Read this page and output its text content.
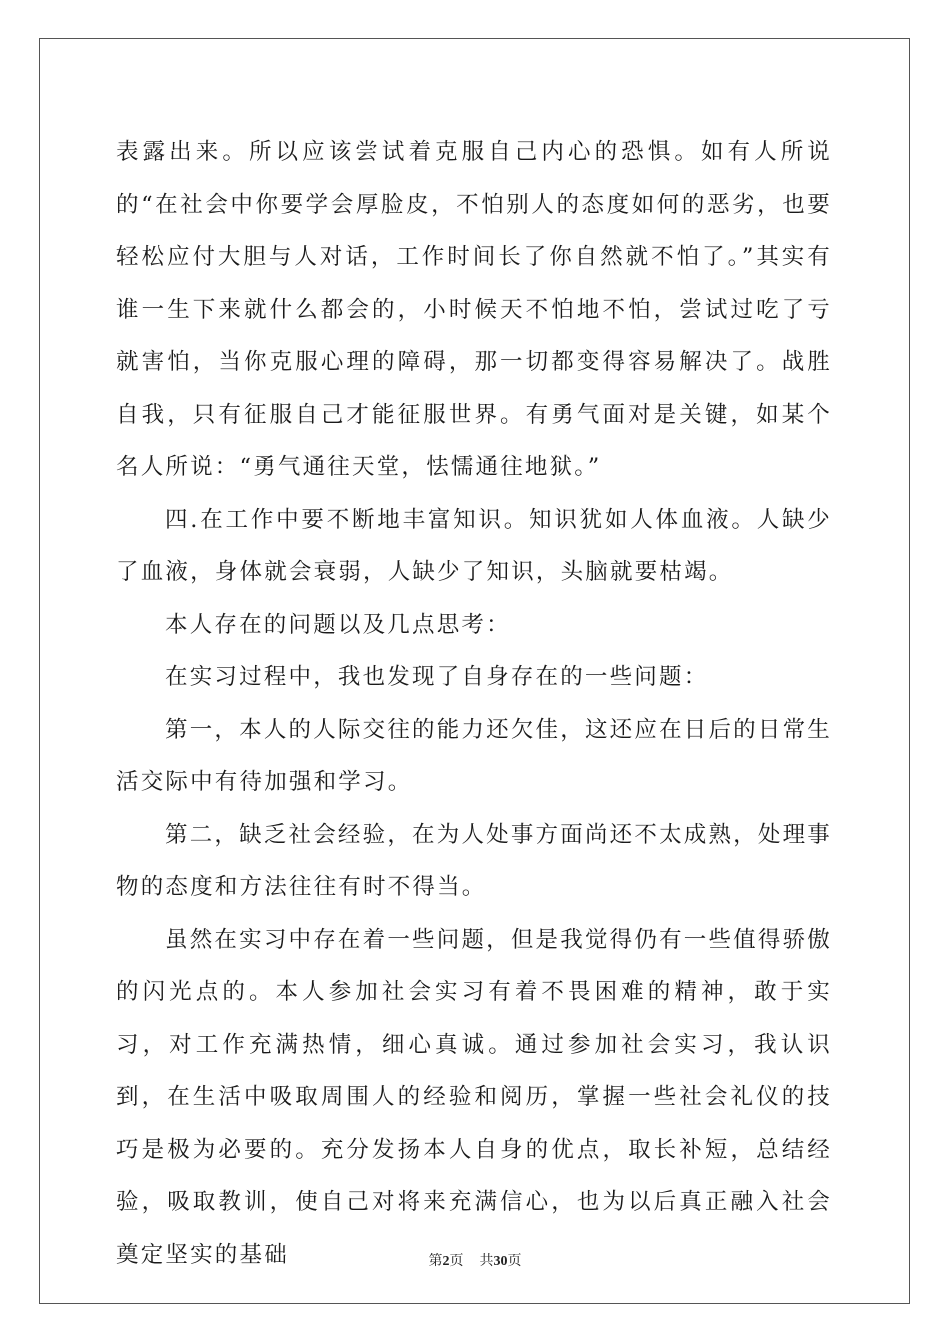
表露出来。所以应该尝试着克服自己内心的恐惧。如有人所说的“在社会中你要学会厚脸皮，不怕别人的态度如何的恶劣，也要轻松应付大胆与人对话，工作时间长了你自然就不怕了。”其实有谁一生下来就什么都会的，小时候天不怕地不怕，尝试过吃了亏就害怕，当你克服心理的障碍，那一切都变得容易解决了。战胜自我，只有征服自己才能征服世界。有勇气面对是关键，如某个名人所说：“勇气通往天堂，怯懦通往地狱。”

四.在工作中要不断地丰富知识。知识犹如人体血液。人缺少了血液，身体就会衰弱，人缺少了知识，头脑就要枯竭。

本人存在的问题以及几点思考：

在实习过程中，我也发现了自身存在的一些问题：

第一，本人的人际交往的能力还欠佳，这还应在日后的日常生活交际中有待加强和学习。

第二，缺乏社会经验，在为人处事方面尚还不太成熟，处理事物的态度和方法往往有时不得当。

虽然在实习中存在着一些问题，但是我觉得仍有一些值得骄傲的闪光点的。本人参加社会实习有着不畏困难的精神，敢于实习，对工作充满热情，细心真诚。通过参加社会实习，我认识到，在生活中吸取周围人的经验和阅历，掌握一些社会礼仪的技巧是极为必要的。充分发扬本人自身的优点，取长补短，总结经验，吸取教训，使自己对将来充满信心，也为以后真正融入社会奠定坚实的基础	第2页 共30页
